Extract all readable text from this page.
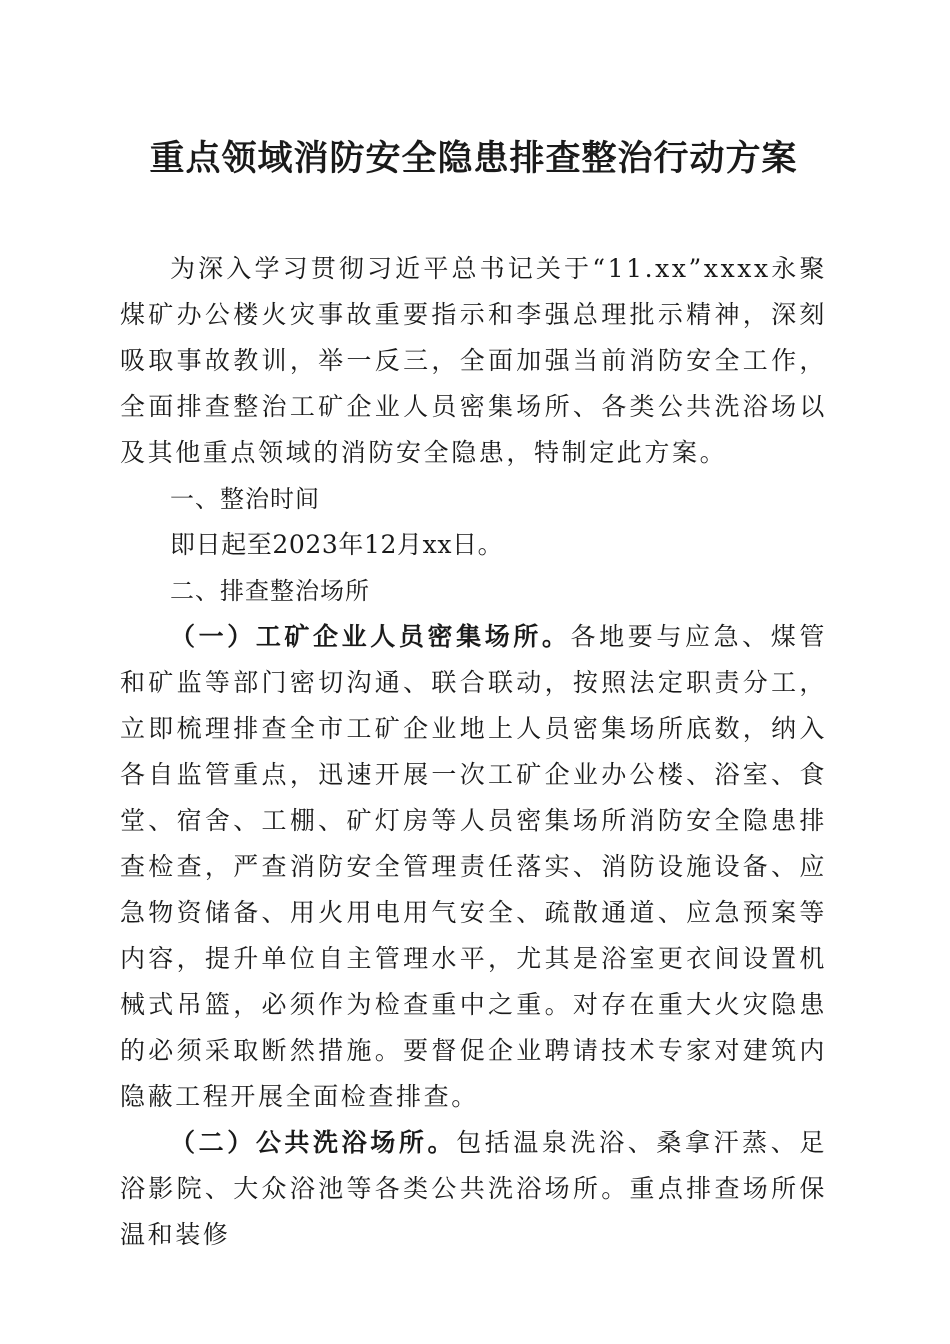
重点领域消防安全隐患排查整治行动方案

为深入学习贯彻习近平总书记关于“11.xx”xxxx永聚煤矿办公楼火灾事故重要指示和李强总理批示精神，深刻吸取事故教训，举一反三，全面加强当前消防安全工作，全面排查整治工矿企业人员密集场所、各类公共洗浴场以及其他重点领域的消防安全隐患，特制定此方案。

一、整治时间

即日起至2023年12月xx日。

二、排查整治场所

（一）工矿企业人员密集场所。各地要与应急、煤管和矿监等部门密切沟通、联合联动，按照法定职责分工，立即梳理排查全市工矿企业地上人员密集场所底数，纳入各自监管重点，迅速开展一次工矿企业办公楼、浴室、食堂、宿舍、工棚、矿灯房等人员密集场所消防安全隐患排查检查，严查消防安全管理责任落实、消防设施设备、应急物资储备、用火用电用气安全、疏散通道、应急预案等内容，提升单位自主管理水平，尤其是浴室更衣间设置机械式吊篮，必须作为检查重中之重。对存在重大火灾隐患的必须采取断然措施。要督促企业聘请技术专家对建筑内隐蔽工程开展全面检查排查。

（二）公共洗浴场所。包括温泉洗浴、桑拿汗蒸、足浴影院、大众浴池等各类公共洗浴场所。重点排查场所保温和装修
